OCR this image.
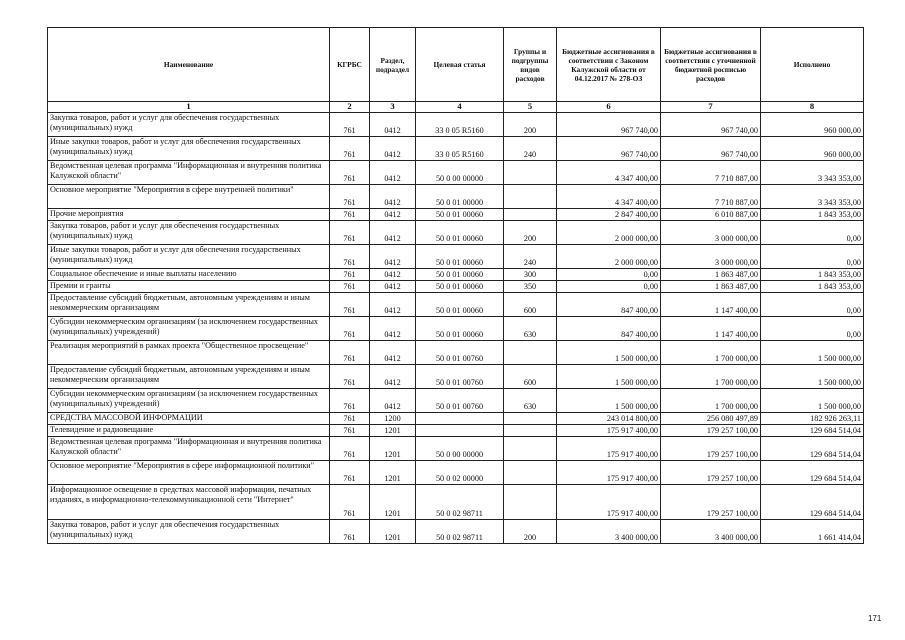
Наименование	КГРБС	Раздел, подраздел	Целевая статья	Группы и подгруппы видов расходов	Бюджетные ассигнования в соответствии с Законом Калужской области от 04.12.2017 № 278-ОЗ	Бюджетные ассигнования в соответствии с уточненной бюджетной росписью расходов	Исполнено
1	2	3	4	5	6	7	8
Закупка товаров, работ и услуг для обеспечения государственных (муниципальных) нужд	761	0412	33 0 05 R5160	200	967 740,00	967 740,00	960 000,00
Иные закупки товаров, работ и услуг для обеспечения государственных (муниципальных) нужд	761	0412	33 0 05 R5160	240	967 740,00	967 740,00	960 000,00
Ведомственная целевая программа "Информационная и внутренняя политика Калужской области"	761	0412	50 0 00 00000		4 347 400,00	7 710 887,00	3 343 353,00
Основное мероприятие "Мероприятия в сфере внутренней политики"	761	0412	50 0 01 00000		4 347 400,00	7 710 887,00	3 343 353,00
Прочие мероприятия	761	0412	50 0 01 00060		2 847 400,00	6 010 887,00	1 843 353,00
Закупка товаров, работ и услуг для обеспечения государственных (муниципальных) нужд	761	0412	50 0 01 00060	200	2 000 000,00	3 000 000,00	0,00
Иные закупки товаров, работ и услуг для обеспечения государственных (муниципальных) нужд	761	0412	50 0 01 00060	240	2 000 000,00	3 000 000,00	0,00
Социальное обеспечение и иные выплаты населению	761	0412	50 0 01 00060	300	0,00	1 863 487,00	1 843 353,00
Премии и гранты	761	0412	50 0 01 00060	350	0,00	1 863 487,00	1 843 353,00
Предоставление субсидий бюджетным, автономным учреждениям и иным некоммерческим организациям	761	0412	50 0 01 00060	600	847 400,00	1 147 400,00	0,00
Субсидии некоммерческим организациям (за исключением государственных (муниципальных) учреждений)	761	0412	50 0 01 00060	630	847 400,00	1 147 400,00	0,00
Реализация мероприятий в рамках проекта "Общественное просвещение"	761	0412	50 0 01 00760		1 500 000,00	1 700 000,00	1 500 000,00
Предоставление субсидий бюджетным, автономным учреждениям и иным некоммерческим организациям	761	0412	50 0 01 00760	600	1 500 000,00	1 700 000,00	1 500 000,00
Субсидии некоммерческим организациям (за исключением государственных (муниципальных) учреждений)	761	0412	50 0 01 00760	630	1 500 000,00	1 700 000,00	1 500 000,00
СРЕДСТВА МАССОВОЙ ИНФОРМАЦИИ	761	1200			243 014 800,00	256 080 497,89	182 926 263,11
Телевидение и радиовещание	761	1201			175 917 400,00	179 257 100,00	129 684 514,04
Ведомственная целевая программа "Информационная и внутренняя политика Калужской области"	761	1201	50 0 00 00000		175 917 400,00	179 257 100,00	129 684 514,04
Основное мероприятие "Мероприятия в сфере информационной политики"	761	1201	50 0 02 00000		175 917 400,00	179 257 100,00	129 684 514,04
Информационное освещение в средствах массовой информации, печатных изданиях, в информационно-телекоммуникационной сети "Интернет"	761	1201	50 0 02 98711		175 917 400,00	179 257 100,00	129 684 514,04
Закупка товаров, работ и услуг для обеспечения государственных (муниципальных) нужд	761	1201	50 0 02 98711	200	3 400 000,00	3 400 000,00	1 661 414,04
171
